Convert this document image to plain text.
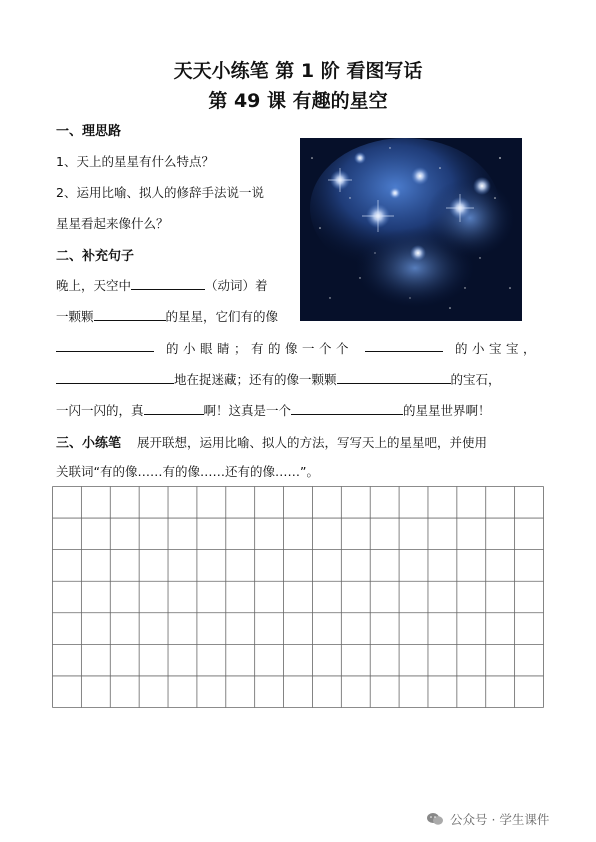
天天小练笔 第 1 阶 看图写话
第 49 课 有趣的星空
一、理思路
1、天上的星星有什么特点？
2、运用比喻、拟人的修辞手法说一说
星星看起来像什么？
二、补充句子
晚上，天空中	（动词）着
一颗颗	的星星，它们有的像
的小眼睛；有的像一个个	的小宝宝，
地在捉迷藏；还有的像一颗颗	的宝石，
一闪一闪的，真	啊！这真是一个	的星星世界啊！
三、小练笔 展开联想，运用比喻、拟人的方法，写写天上的星星吧，并使用
关联词“有的像……有的像……还有的像……”。
公众号 · 学生课件
